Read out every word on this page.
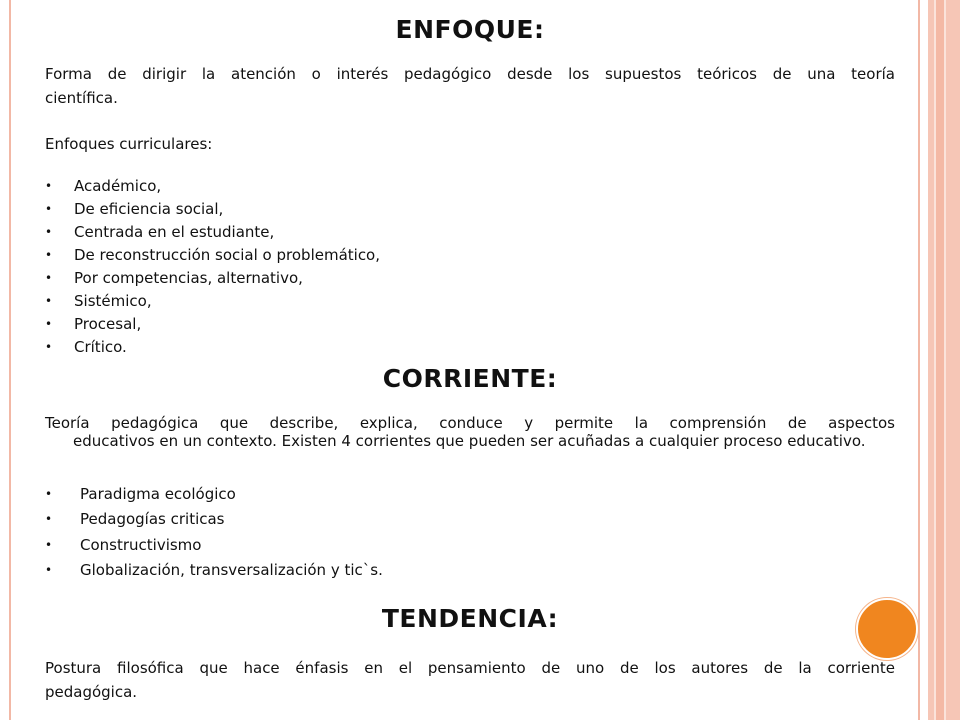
ENFOQUE:
Forma de dirigir la atención o interés pedagógico desde los supuestos teóricos de una teoría
científica.
Enfoques curriculares:
• Académico,
• De eficiencia social,
• Centrada en el estudiante,
• De reconstrucción social o problemático,
• Por competencias, alternativo,
• Sistémico,
• Procesal,
• Crítico.
CORRIENTE:
Teoría pedagógica que describe, explica, conduce y permite la comprensión de aspectos
educativos en un contexto. Existen 4 corrientes que pueden ser acuñadas a cualquier proceso educativo.
• Paradigma ecológico
• Pedagogías criticas
• Constructivismo
• Globalización, transversalización y tic`s.
TENDENCIA:
Postura filosófica que hace énfasis en el pensamiento de uno de los autores de la corriente
pedagógica.
